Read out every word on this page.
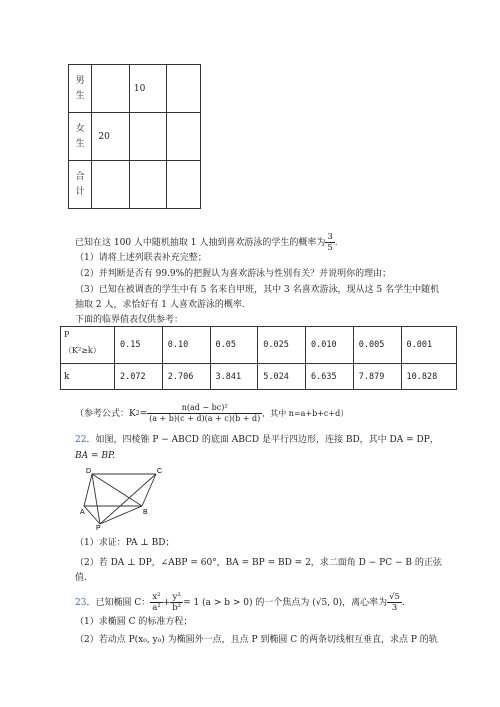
男生		10	
女生	20		
合计			
已知在这 100 人中随机抽取 1 人抽到喜欢游泳的学生的概率为 $\frac{3}{5}$ .
（1）请将上述列联表补充完整；
（2）并判断是否有 99.9%的把握认为喜欢游泳与性别有关？并说明你的理由；
（3）已知在被调查的学生中有 5 名来自甲班，其中 3 名喜欢游泳，现从这 5 名学生中随机
抽取 2 人，求恰好有 1 人喜欢游泳的概率.
下面的临界值表仅供参考：
P
（K²≥k）	0.15	0.10	0.05	0.025	0.010	0.005	0.001
k	2.072	2.706	3.841	5.024	6.635	7.879	10.828
（参考公式：K $2 = \frac{\text{n(ad − bc)²}}{(a + b)(c + d)(a + c)(b + d)}$ ，其中 n=a+b+c+d）
22．如图，四棱锥 P − ABCD 的底面 ABCD 是平行四边形，连接 BD，其中 DA = DP，
BA = BP.
D	C
A	B
P
（1）求证：PA ⊥ BD；
（2）若 DA ⊥ DP，∠ABP = 60°，BA = BP = BD = 2，求二面角 D − PC − B 的正弦
值.
23 ．已知椭圆 C： $\frac{\text{x²}}{\text{a²}} + \frac{\text{y²}}{\text{b²}} = 1$ (a > b > 0) 的一个焦点为 (√5, 0)，离心率为 $\frac{√5}{3}$ .
（1）求椭圆 C 的标准方程；
（2）若动点 P(x₀, y₀) 为椭圆外一点，且点 P 到椭圆 C 的两条切线相互垂直，求点 P 的轨
